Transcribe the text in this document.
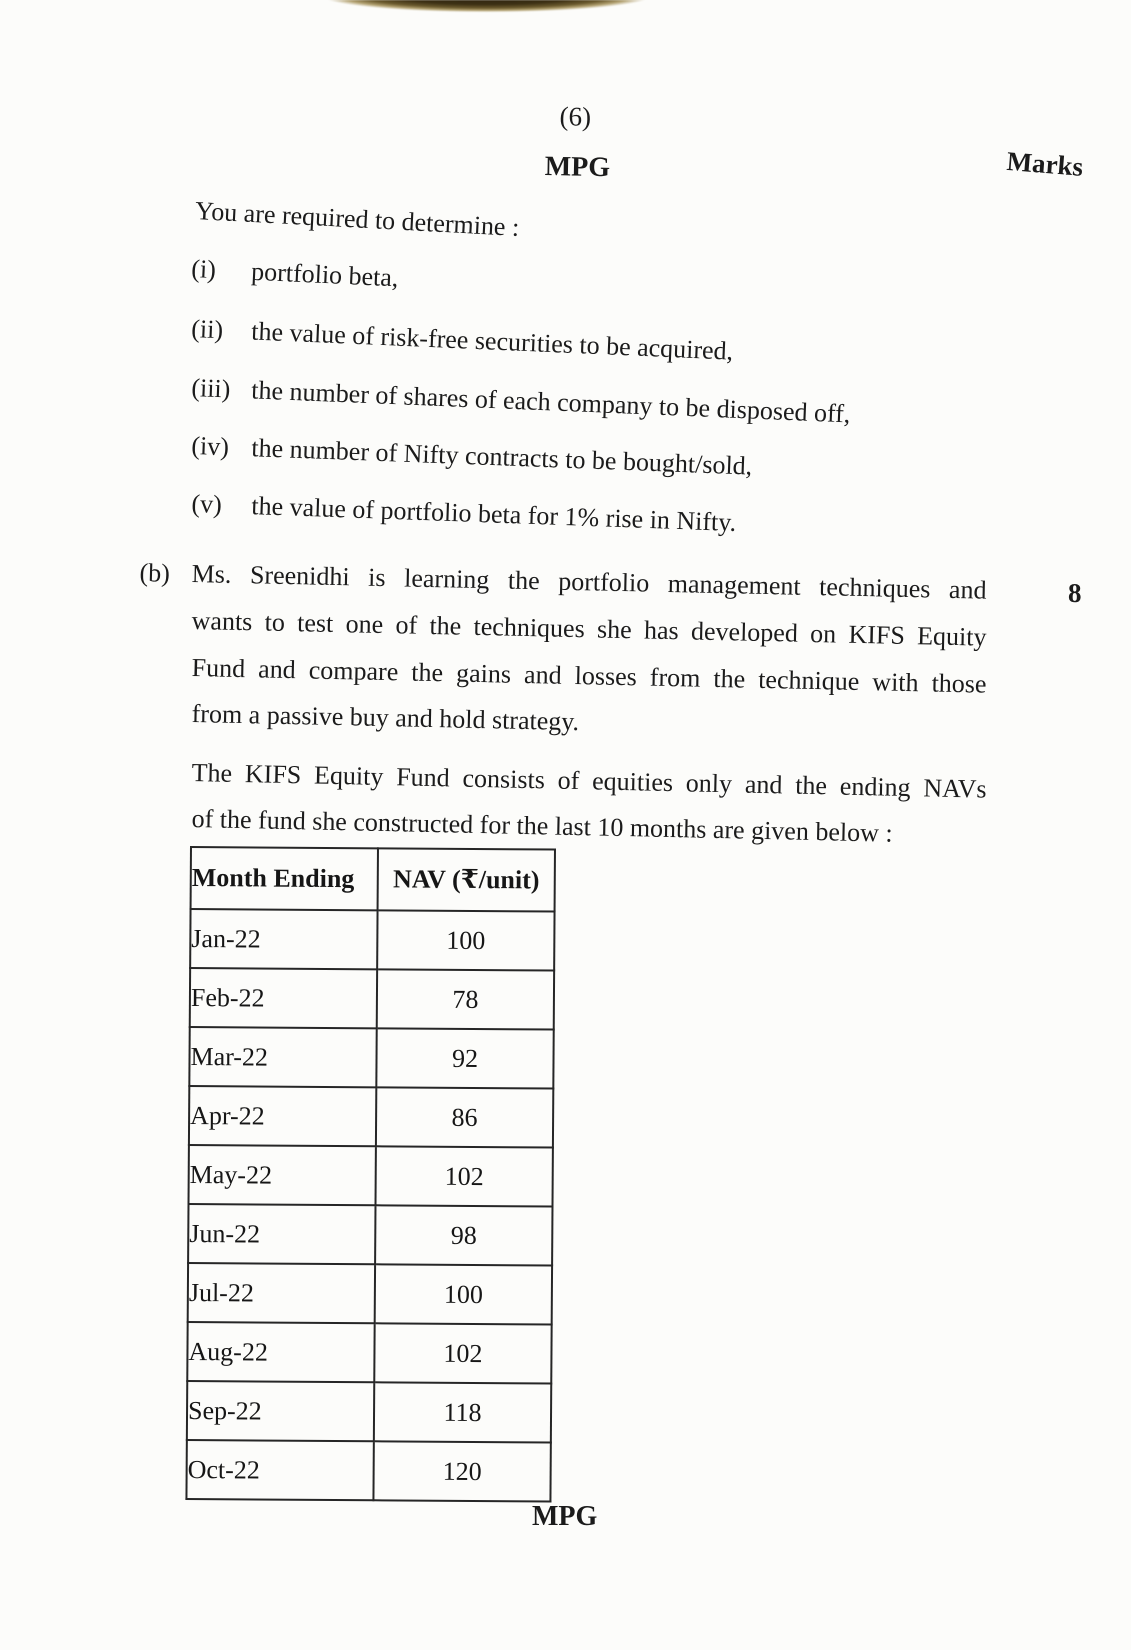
(6)
MPG	Marks
You are required to determine :
(i) portfolio beta,
(ii) the value of risk-free securities to be acquired,
(iii) the number of shares of each company to be disposed off,
(iv) the number of Nifty contracts to be bought/sold,
(v) the value of portfolio beta for 1% rise in Nifty.
(b)
8
Ms. Sreenidhi is learning the portfolio management techniques and
wants to test one of the techniques she has developed on KIFS Equity
Fund and compare the gains and losses from the technique with those
from a passive buy and hold strategy.
The KIFS Equity Fund consists of equities only and the ending NAVs
of the fund she constructed for the last 10 months are given below :
Month Ending	NAV (₹/unit)
Jan-22	100
Feb-22	78
Mar-22	92
Apr-22	86
May-22	102
Jun-22	98
Jul-22	100
Aug-22	102
Sep-22	118
Oct-22	120
MPG
